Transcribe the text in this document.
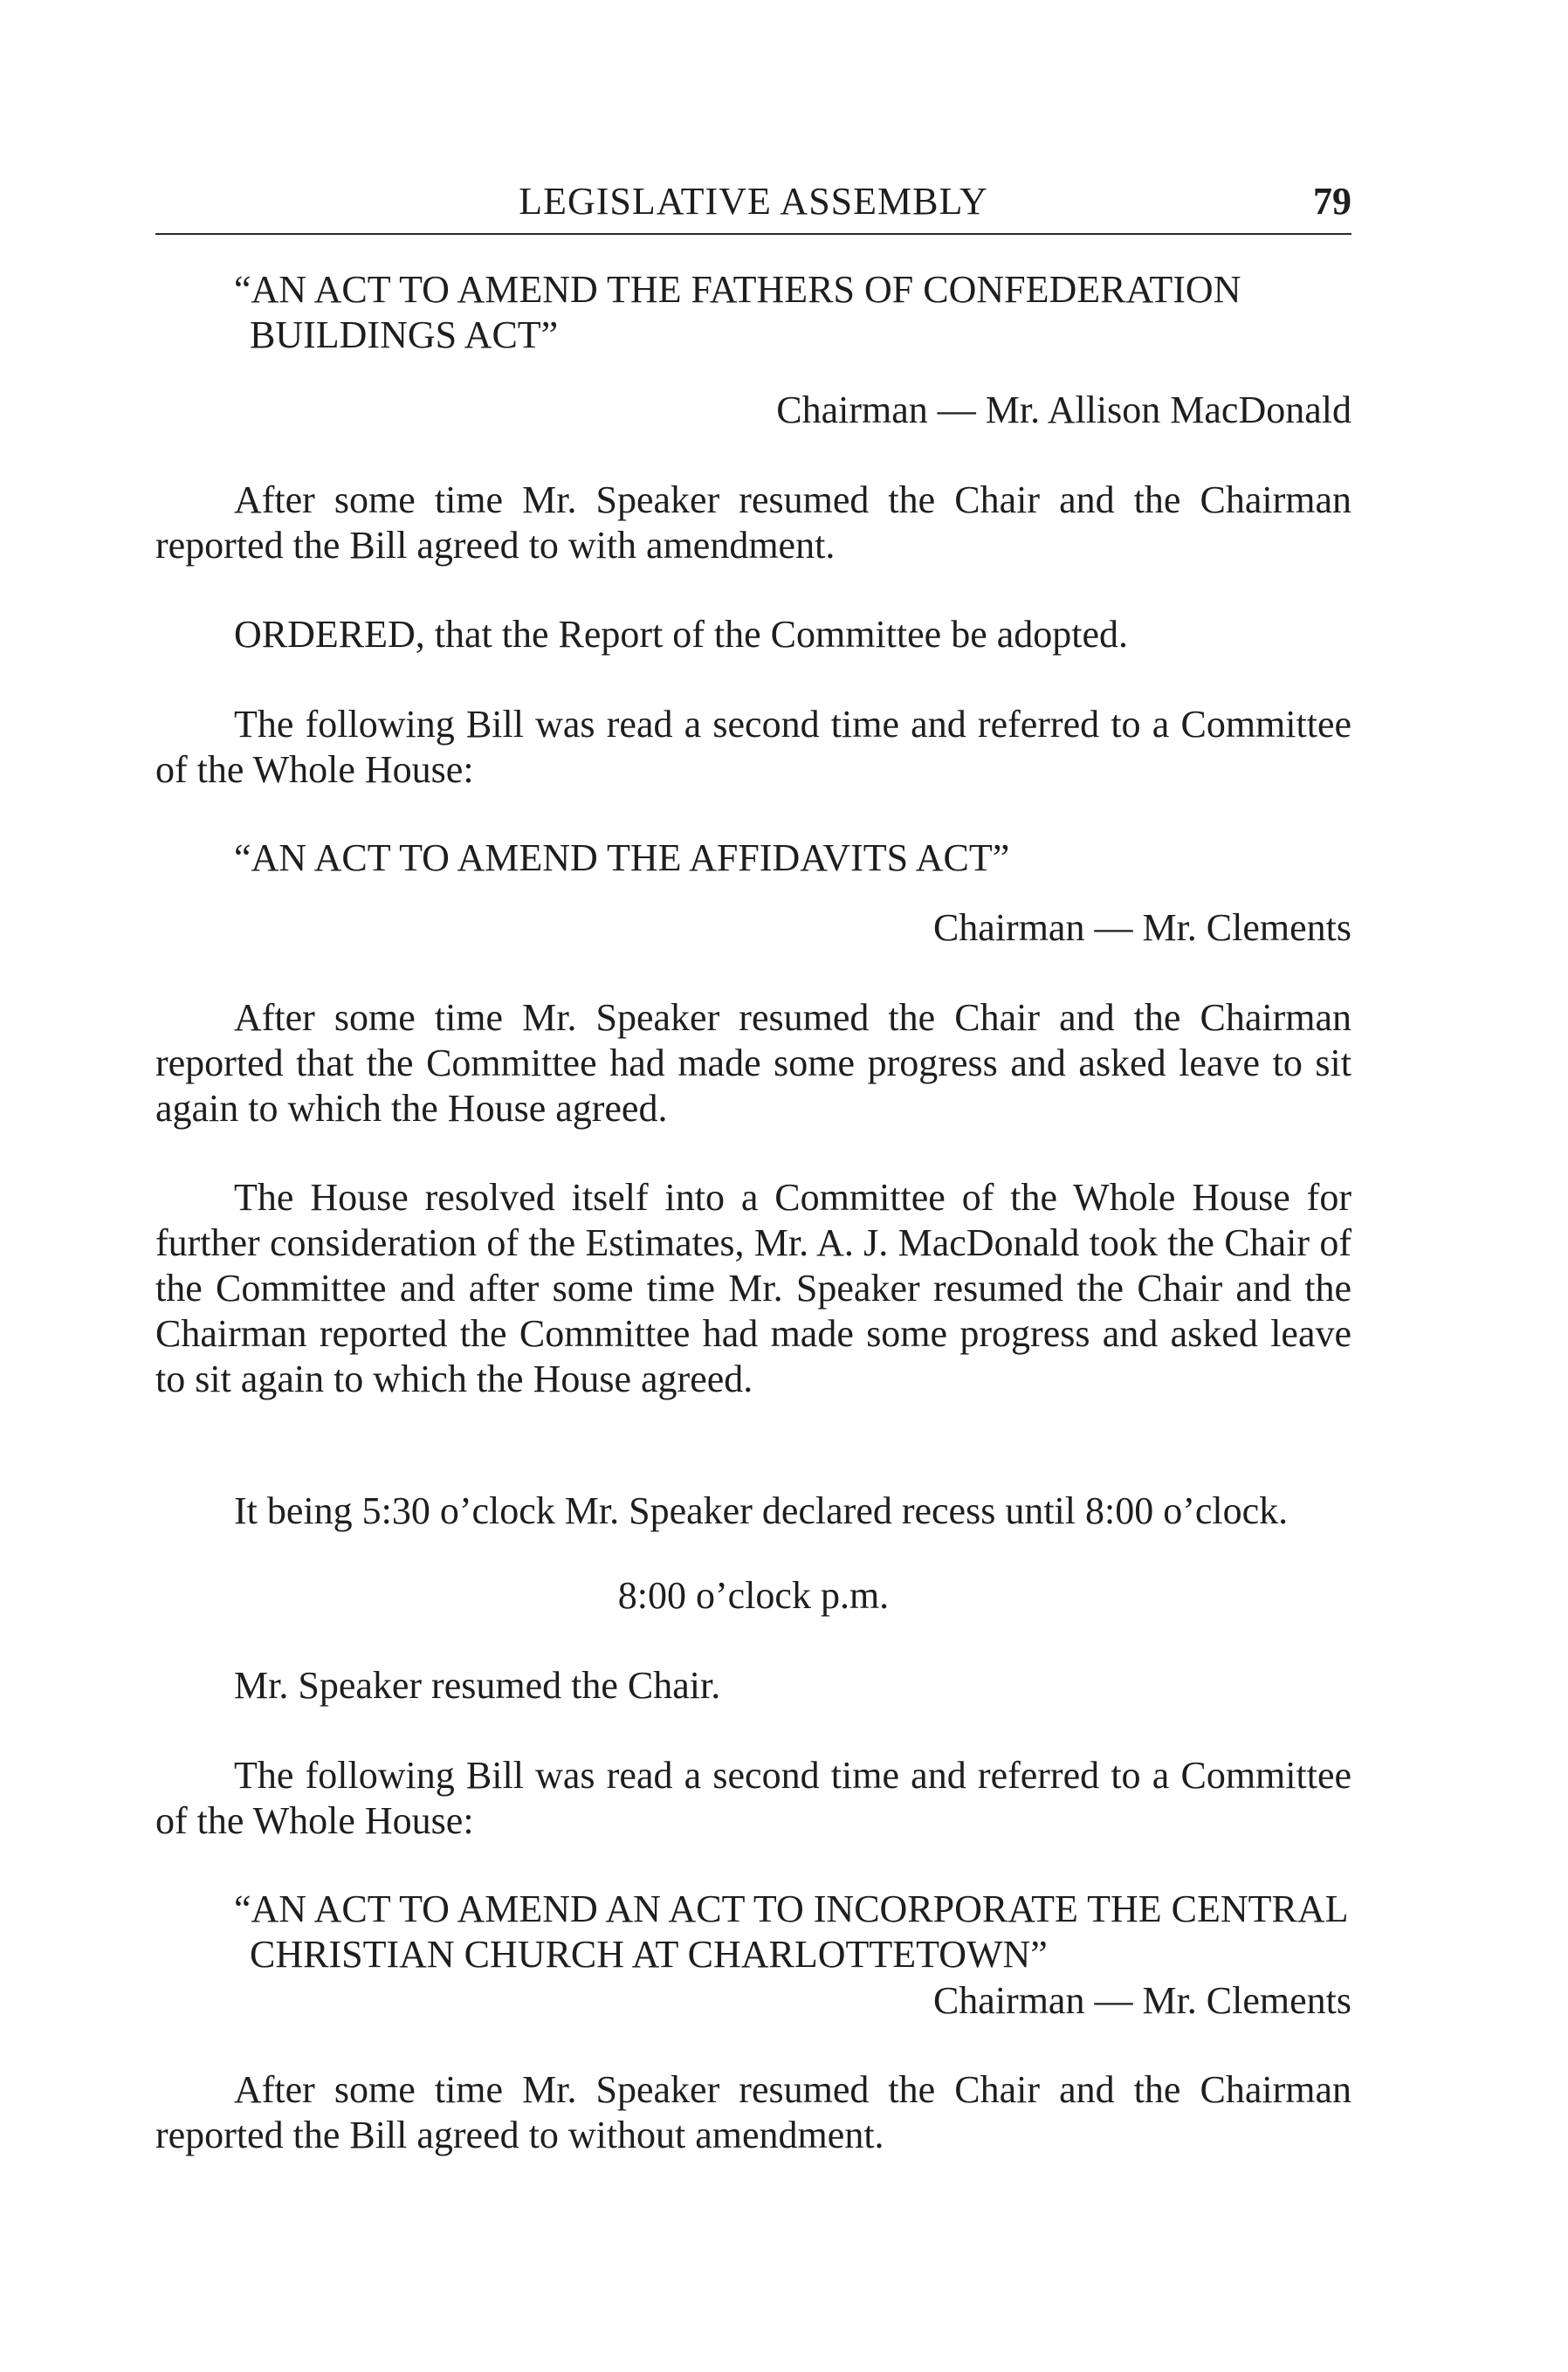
LEGISLATIVE ASSEMBLY	79

“AN ACT TO AMEND THE FATHERS OF CONFEDERATION BUILDINGS ACT”

Chairman — Mr. Allison MacDonald

After some time Mr. Speaker resumed the Chair and the Chairman reported the Bill agreed to with amendment.

ORDERED, that the Report of the Committee be adopted.

The following Bill was read a second time and referred to a Committee of the Whole House:

“AN ACT TO AMEND THE AFFIDAVITS ACT”

Chairman — Mr. Clements

After some time Mr. Speaker resumed the Chair and the Chairman reported that the Committee had made some progress and asked leave to sit again to which the House agreed.

The House resolved itself into a Committee of the Whole House for further consideration of the Estimates, Mr. A. J. MacDonald took the Chair of the Committee and after some time Mr. Speaker resumed the Chair and the Chairman reported the Committee had made some progress and asked leave to sit again to which the House agreed.

It being 5:30 o’clock Mr. Speaker declared recess until 8:00 o’clock.

8:00 o’clock p.m.

Mr. Speaker resumed the Chair.

The following Bill was read a second time and referred to a Committee of the Whole House:

“AN ACT TO AMEND AN ACT TO INCORPORATE THE CENTRAL CHRISTIAN CHURCH AT CHARLOTTETOWN”

Chairman — Mr. Clements

After some time Mr. Speaker resumed the Chair and the Chairman reported the Bill agreed to without amendment.
